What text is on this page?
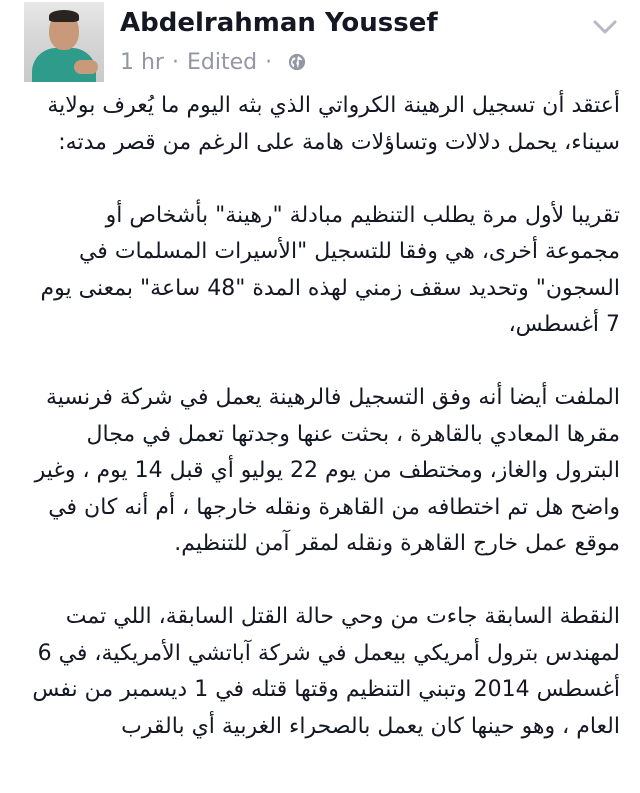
Abdelrahman Youssef
1 hr · Edited ·

أعتقد أن تسجيل الرهينة الكرواتي الذي بثه اليوم ما يُعرف بولاية سيناء، يحمل دلالات وتساؤلات هامة على الرغم من قصر مدته:

تقريبا لأول مرة يطلب التنظيم مبادلة "رهينة" بأشخاص أو مجموعة أخرى، هي وفقا للتسجيل "الأسيرات المسلمات في السجون" وتحديد سقف زمني لهذه المدة "48 ساعة" بمعنى يوم 7 أغسطس،

الملفت أيضا أنه وفق التسجيل فالرهينة يعمل في شركة فرنسية مقرها المعادي بالقاهرة ، بحثت عنها وجدتها تعمل في مجال البترول والغاز، ومختطف من يوم 22 يوليو أي قبل 14 يوم ، وغير واضح هل تم اختطافه من القاهرة ونقله خارجها ، أم أنه كان في موقع عمل خارج القاهرة ونقله لمقر آمن للتنظيم.

النقطة السابقة جاءت من وحي حالة القتل السابقة، اللي تمت لمهندس بترول أمريكي بيعمل في شركة آباتشي الأمريكية، في 6 أغسطس 2014 وتبني التنظيم وقتها قتله في 1 ديسمبر من نفس العام ، وهو حينها كان يعمل بالصحراء الغربية أي بالقرب
